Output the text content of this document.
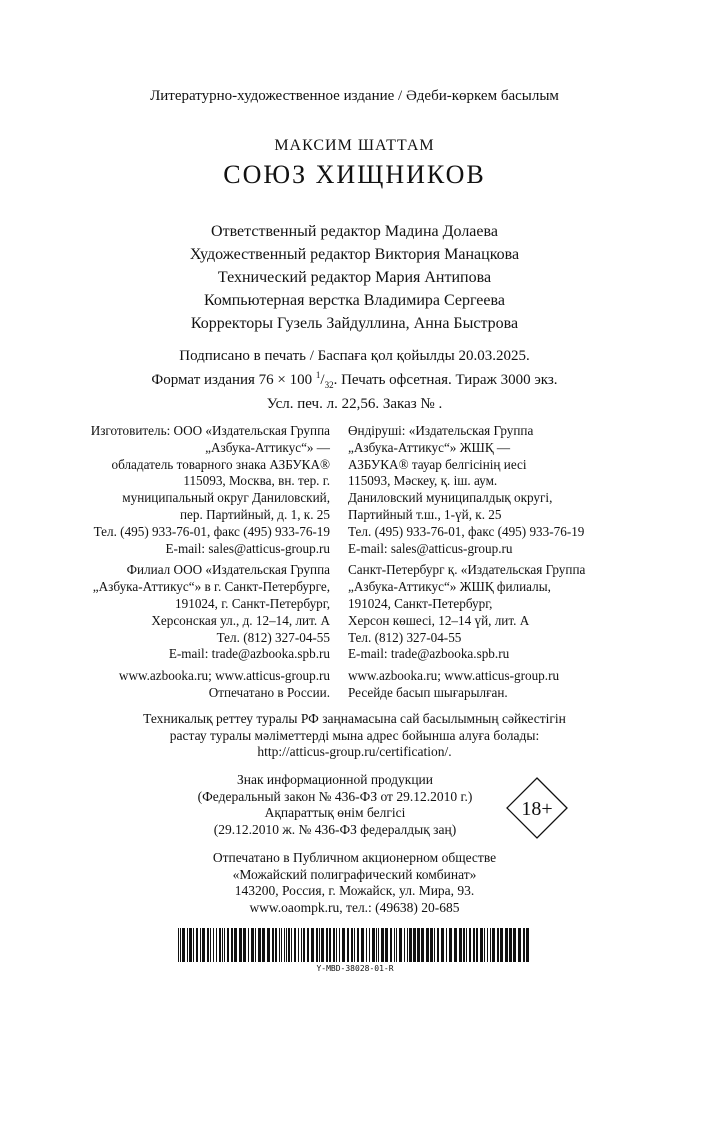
Литературно-художественное издание / Әдеби-көркем басылым
МАКСИМ ШАТТАМ
СОЮЗ ХИЩНИКОВ
Ответственный редактор Мадина Долаева
Художественный редактор Виктория Манацкова
Технический редактор Мария Антипова
Компьютерная верстка Владимира Сергеева
Корректоры Гузель Зайдуллина, Анна Быстрова
Подписано в печать / Баспаға қол қойылды 20.03.2025.
Формат издания 76 × 100 $^1/_{32}$. Печать офсетная. Тираж 3000 экз.
Усл. печ. л. 22,56. Заказ № .
Изготовитель: ООО «Издательская Группа
„Азбука-Аттикус“» —
обладатель товарного знака АЗБУКА®
115093, Москва, вн. тер. г.
муниципальный округ Даниловский,
пер. Партийный, д. 1, к. 25
Тел. (495) 933-76-01, факс (495) 933-76-19
E-mail: sales@atticus-group.ru
Филиал ООО «Издательская Группа
„Азбука-Аттикус“» в г. Санкт-Петербурге,
191024, г. Санкт-Петербург,
Херсонская ул., д. 12–14, лит. А
Тел. (812) 327-04-55
E-mail: trade@azbooka.spb.ru
www.azbooka.ru; www.atticus-group.ru
Отпечатано в России.
Өндіруші: «Издательская Группа
„Азбука-Аттикус“» ЖШҚ —
АЗБУКА® тауар белгісінің иесі
115093, Мәскеу, қ. іш. аум.
Даниловский муниципалдық округі,
Партийный т.ш., 1-үй, к. 25
Тел. (495) 933-76-01, факс (495) 933-76-19
E-mail: sales@atticus-group.ru
Санкт-Петербург қ. «Издательская Группа
„Азбука-Аттикус“» ЖШҚ филиалы,
191024, Санкт-Петербург,
Херсон көшесі, 12–14 үй, лит. А
Тел. (812) 327-04-55
E-mail: trade@azbooka.spb.ru
www.azbooka.ru; www.atticus-group.ru
Ресейде басып шығарылған.
Техникалық реттеу туралы РФ заңнамасына сай басылымның сәйкестігін
растау туралы мәліметтерді мына адрес бойынша алуға болады:
http://atticus-group.ru/certification/.
Знак информационной продукции
(Федеральный закон № 436-ФЗ от 29.12.2010 г.)
Ақпараттық өнім белгісі
(29.12.2010 ж. № 436-ФЗ федералдық заң)
18+
Отпечатано в Публичном акционерном обществе
«Можайский полиграфический комбинат»
143200, Россия, г. Можайск, ул. Мира, 93.
www.oaompk.ru, тел.: (49638) 20-685
Y-MBD-38028-01-R
